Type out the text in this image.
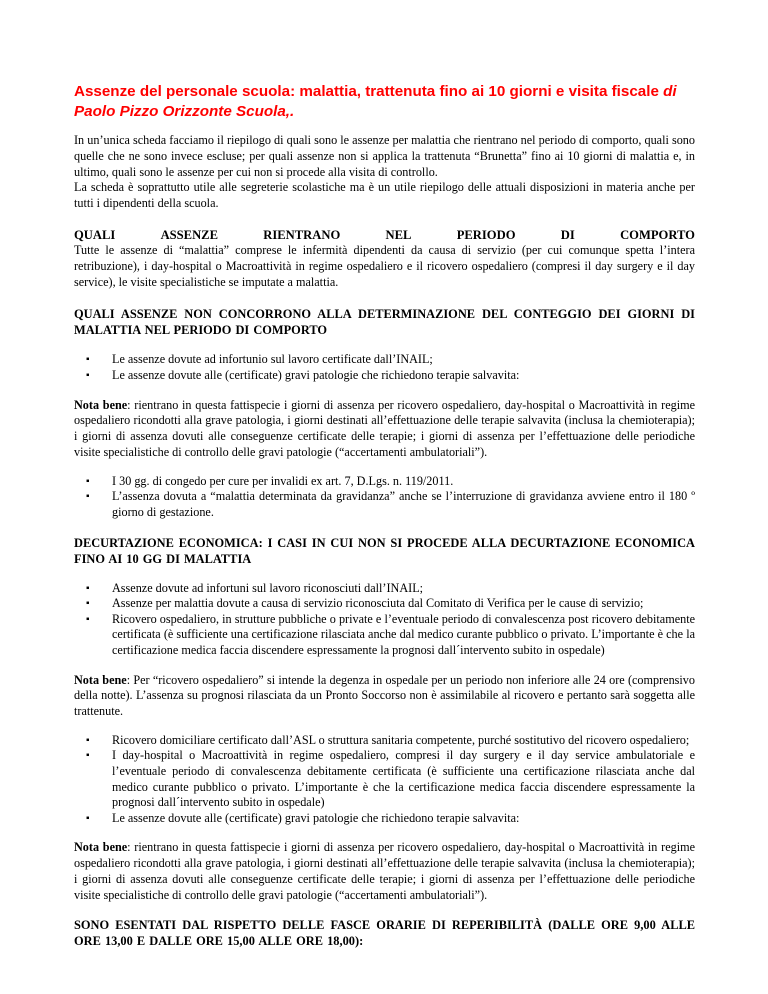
Assenze del personale scuola: malattia, trattenuta fino ai 10 giorni e visita fiscale di Paolo Pizzo Orizzonte Scuola,.

In un’unica scheda facciamo il riepilogo di quali sono le assenze per malattia che rientrano nel periodo di comporto, quali sono quelle che ne sono invece escluse; per quali assenze non si applica la trattenuta “Brunetta” fino ai 10 giorni di malattia e, in ultimo, quali sono le assenze per cui non si procede alla visita di controllo.

La scheda è soprattutto utile alle segreterie scolastiche ma è un utile riepilogo delle attuali disposizioni in materia anche per tutti i dipendenti della scuola.

QUALI	ASSENZE	RIENTRANO	NEL	PERIODO	DI	COMPORTO

Tutte le assenze di “malattia” comprese le infermità dipendenti da causa di servizio (per cui comunque spetta l’intera retribuzione), i day-hospital o Macroattività in regime ospedaliero e il ricovero ospedaliero (compresi il day surgery e il day service), le visite specialistiche se imputate a malattia.

QUALI ASSENZE NON CONCORRONO ALLA DETERMINAZIONE DEL CONTEGGIO DEI GIORNI DI MALATTIA NEL PERIODO DI COMPORTO
▪ Le assenze dovute ad infortunio sul lavoro certificate dall’INAIL;
▪ Le assenze dovute alle (certificate) gravi patologie che richiedono terapie salvavita:

Nota bene: rientrano in questa fattispecie i giorni di assenza per ricovero ospedaliero, day-hospital o Macroattività in regime ospedaliero ricondotti alla grave patologia, i giorni destinati all’effettuazione delle terapie salvavita (inclusa la chemioterapia); i giorni di assenza dovuti alle conseguenze certificate delle terapie; i giorni di assenza per l’effettuazione delle periodiche visite specialistiche di controllo delle gravi patologie (“accertamenti ambulatoriali”).

▪ I 30 gg. di congedo per cure per invalidi ex art. 7, D.Lgs. n. 119/2011.
▪ L’assenza dovuta a “malattia determinata da gravidanza” anche se l’interruzione di gravidanza avviene entro il 180 º giorno di gestazione.
DECURTAZIONE ECONOMICA: I CASI IN CUI NON SI PROCEDE ALLA DECURTAZIONE ECONOMICA FINO AI 10 GG DI MALATTIA
▪ Assenze dovute ad infortuni sul lavoro riconosciuti dall’INAIL;
▪ Assenze per malattia dovute a causa di servizio riconosciuta dal Comitato di Verifica per le cause di servizio;
▪ Ricovero ospedaliero, in strutture pubbliche o private e l’eventuale periodo di convalescenza post ricovero debitamente certificata (è sufficiente una certificazione rilasciata anche dal medico curante pubblico o privato. L’importante è che la certificazione medica faccia discendere espressamente la prognosi dall´intervento subito in ospedale)

Nota bene: Per “ricovero ospedaliero” si intende la degenza in ospedale per un periodo non inferiore alle 24 ore (comprensivo della notte). L’assenza su prognosi rilasciata da un Pronto Soccorso non è assimilabile al ricovero e pertanto sarà soggetta alle trattenute.

▪ Ricovero domiciliare certificato dall’ASL o struttura sanitaria competente, purché sostitutivo del ricovero ospedaliero;
▪ I day-hospital o Macroattività in regime ospedaliero, compresi il day surgery e il day service ambulatoriale e l’eventuale periodo di convalescenza debitamente certificata (è sufficiente una certificazione rilasciata anche dal medico curante pubblico o privato. L’importante è che la certificazione medica faccia discendere espressamente la prognosi dall´intervento subito in ospedale)
▪ Le assenze dovute alle (certificate) gravi patologie che richiedono terapie salvavita:

Nota bene: rientrano in questa fattispecie i giorni di assenza per ricovero ospedaliero, day-hospital o Macroattività in regime ospedaliero ricondotti alla grave patologia, i giorni destinati all’effettuazione delle terapie salvavita (inclusa la chemioterapia); i giorni di assenza dovuti alle conseguenze certificate delle terapie; i giorni di assenza per l’effettuazione delle periodiche visite specialistiche di controllo delle gravi patologie (“accertamenti ambulatoriali”).

SONO ESENTATI DAL RISPETTO DELLE FASCE ORARIE DI REPERIBILITÀ (DALLE ORE 9,00 ALLE ORE 13,00 E DALLE ORE 15,00 ALLE ORE 18,00):
